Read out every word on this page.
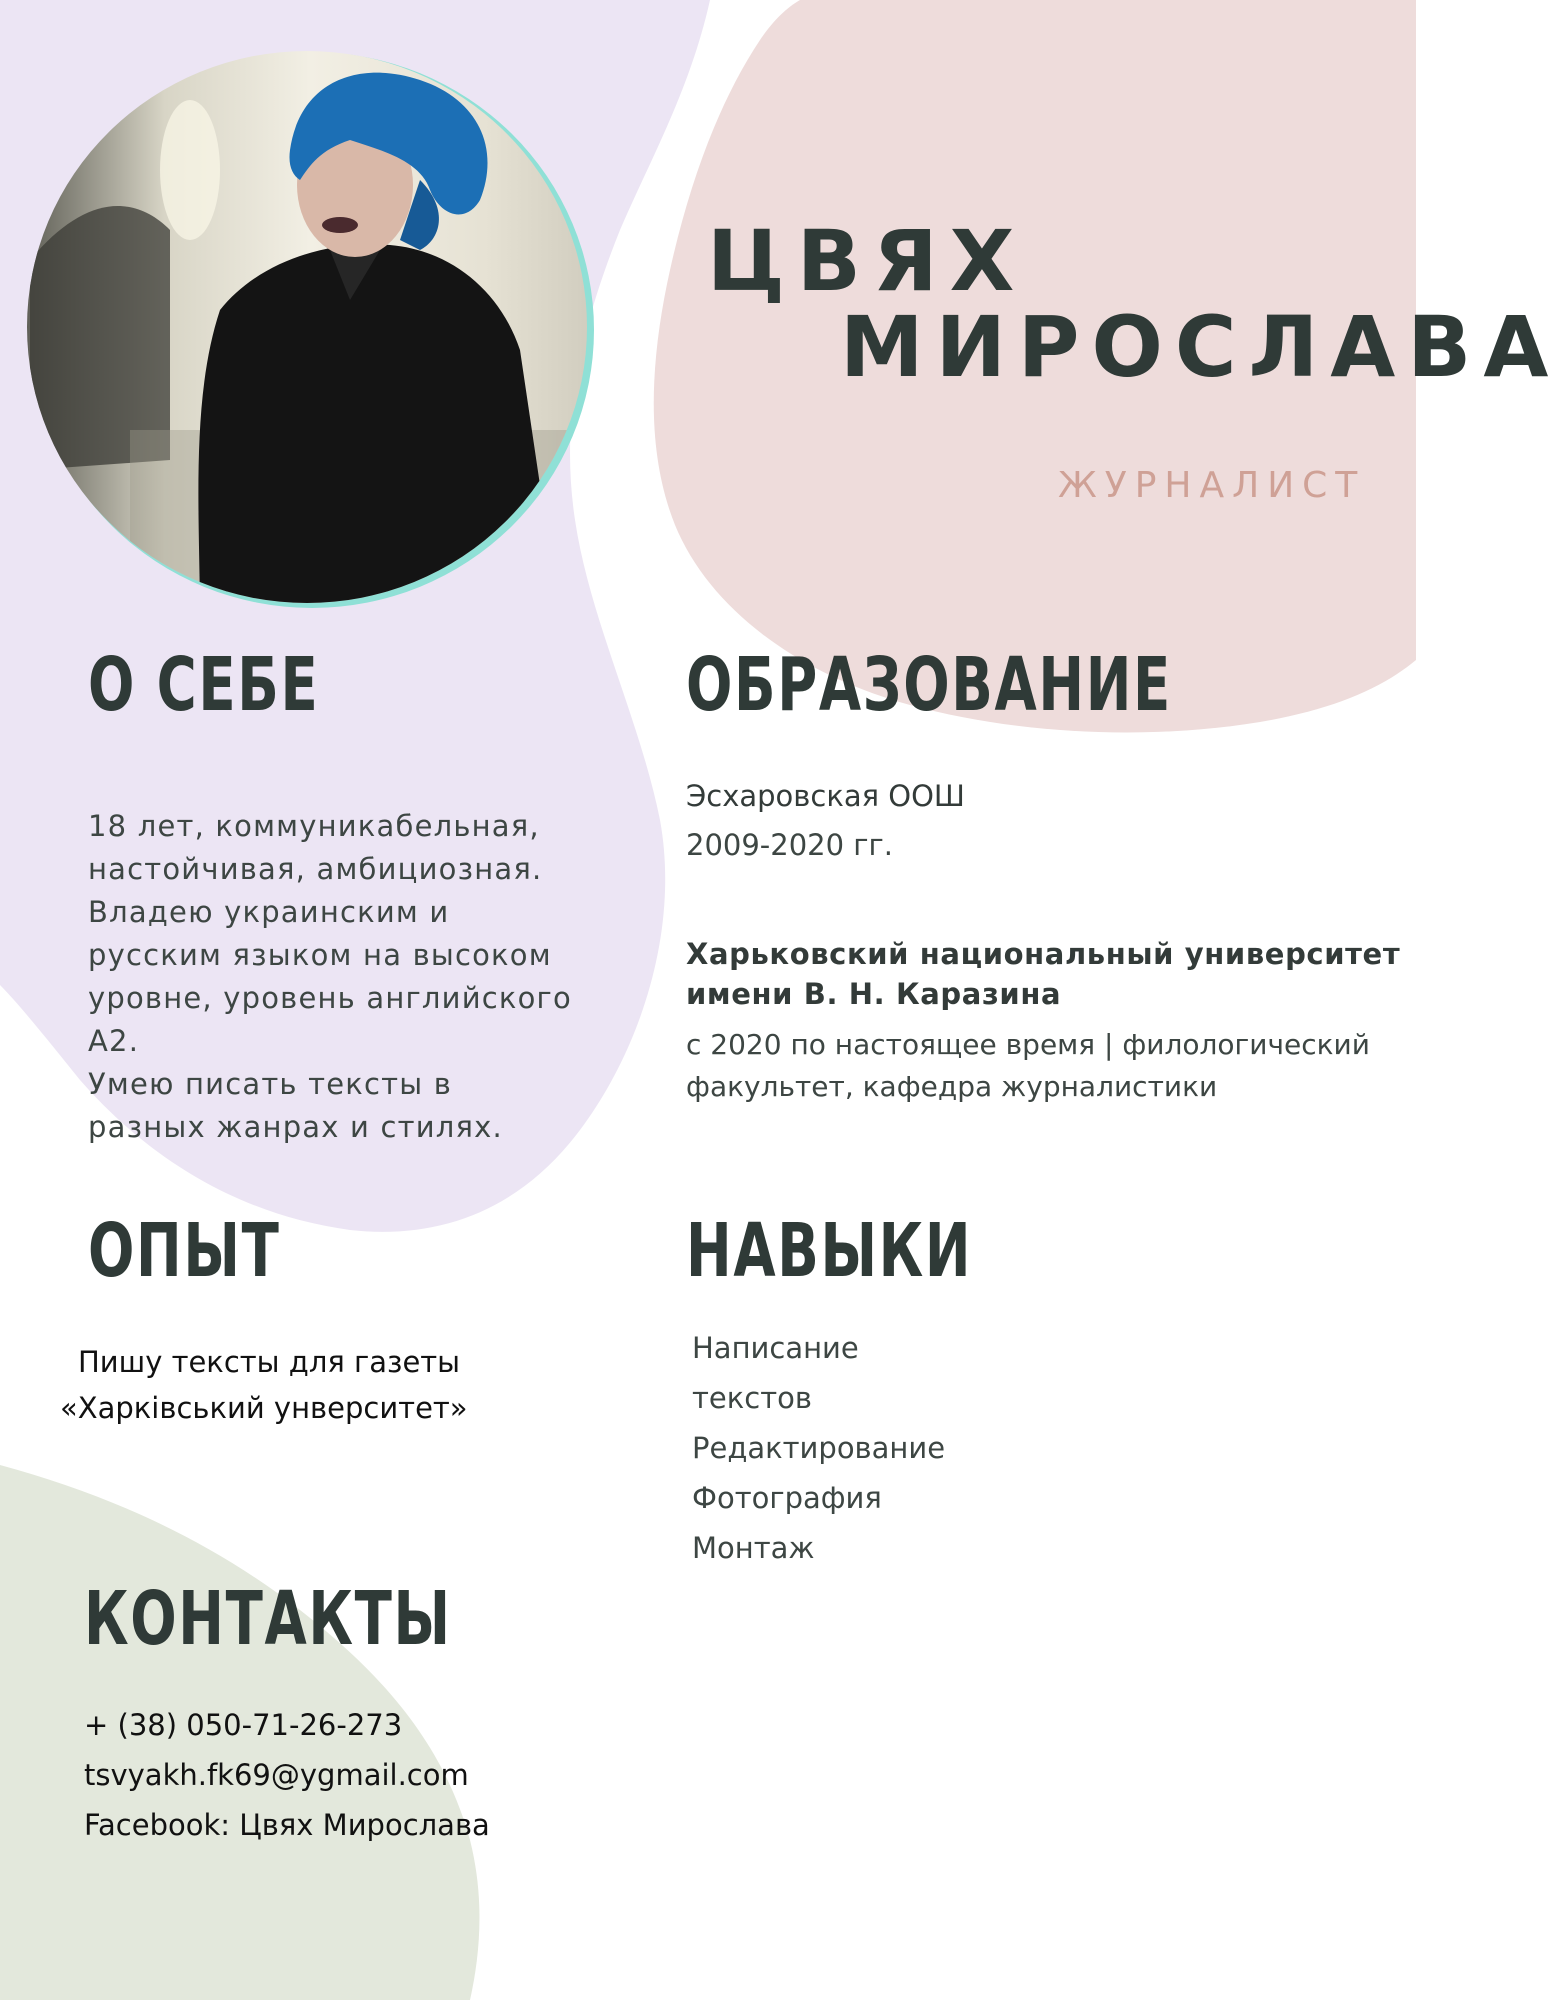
ЦВЯХ
МИРОСЛАВА
ЖУРНАЛИСТ
О СЕБЕ
18 лет, коммуникабельная,
настойчивая, амбициозная.
Владею украинским и
русским языком на высоком
уровне, уровень английского
А2.
Умею писать тексты в
разных жанрах и стилях.
ОБРАЗОВАНИЕ
Эсхаровская ООШ
2009-2020 гг.
Харьковский национальный университет
имени В. Н. Каразина
с 2020 по настоящее время | филологический
факультет, кафедра журналистики
ОПЫТ
Пишу тексты для газеты
«Харківський унверситет»
НАВЫКИ
Написание
текстов
Редактирование
Фотография
Монтаж
КОНТАКТЫ
+ (38) 050-71-26-273
tsvyakh.fk69@ygmail.com
Facebook: Цвях Мирослава
